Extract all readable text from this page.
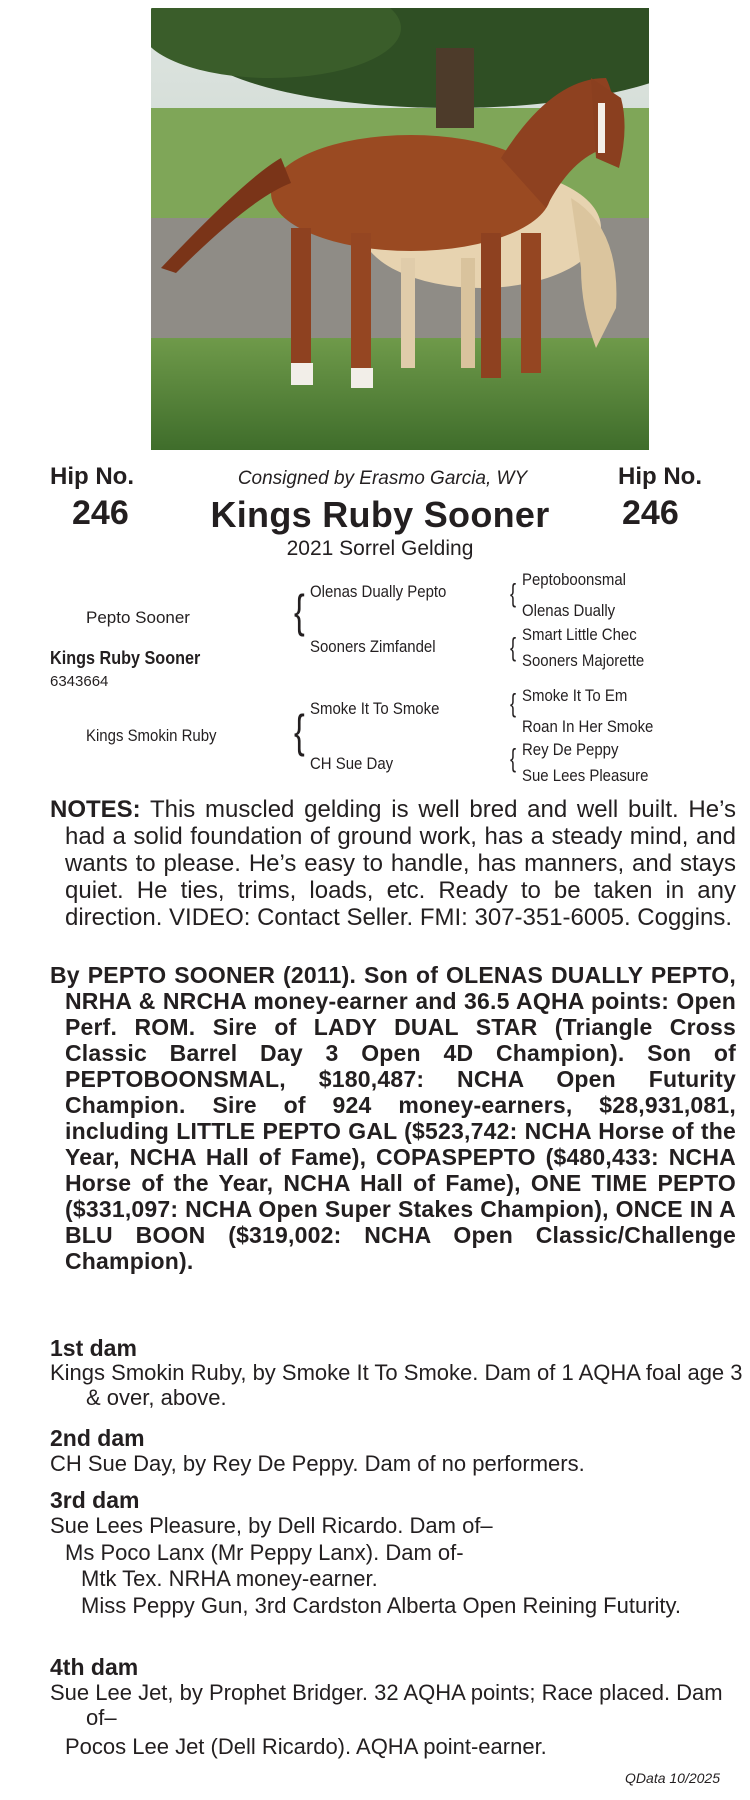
Hip No.
246
Hip No.
246
Consigned by Erasmo Garcia, WY
Kings Ruby Sooner
2021 Sorrel Gelding
Pepto Sooner
Kings Ruby Sooner
6343664
Kings Smokin Ruby
{ Olenas Dually Pepto
Sooners Zimfandel
{ Smoke It To Smoke
CH Sue Day
{ Peptoboonsmal
Olenas Dually
{ Smart Little Chec
Sooners Majorette
{ Smoke It To Em
Roan In Her Smoke
{ Rey De Peppy
Sue Lees Pleasure
NOTES: This muscled gelding is well bred and well built. He’s had a solid foundation of ground work, has a steady mind, and wants to please. He’s easy to handle, has manners, and stays quiet. He ties, trims, loads, etc. Ready to be taken in any direction. VIDEO: Contact Seller. FMI: 307-351-6005. Coggins.
By PEPTO SOONER (2011). Son of OLENAS DUALLY PEPTO, NRHA & NRCHA money-earner and 36.5 AQHA points: Open Perf. ROM. Sire of LADY DUAL STAR (Triangle Cross Classic Barrel Day 3 Open 4D Champion). Son of PEPTOBOONSMAL, $180,487: NCHA Open Futurity Champion. Sire of 924 money-earners, $28,931,081, including LITTLE PEPTO GAL ($523,742: NCHA Horse of the Year, NCHA Hall of Fame), COPASPEPTO ($480,433: NCHA Horse of the Year, NCHA Hall of Fame), ONE TIME PEPTO ($331,097: NCHA Open Super Stakes Champion), ONCE IN A BLU BOON ($319,002: NCHA Open Classic/Challenge Champion).
1st dam
Kings Smokin Ruby, by Smoke It To Smoke. Dam of 1 AQHA foal age 3 & over, above.
2nd dam
CH Sue Day, by Rey De Peppy. Dam of no performers.
3rd dam
Sue Lees Pleasure, by Dell Ricardo. Dam of–
Ms Poco Lanx (Mr Peppy Lanx). Dam of-
Mtk Tex. NRHA money-earner.
Miss Peppy Gun, 3rd Cardston Alberta Open Reining Futurity.
4th dam
Sue Lee Jet, by Prophet Bridger. 32 AQHA points; Race placed. Dam of–
Pocos Lee Jet (Dell Ricardo). AQHA point-earner.
QData 10/2025
